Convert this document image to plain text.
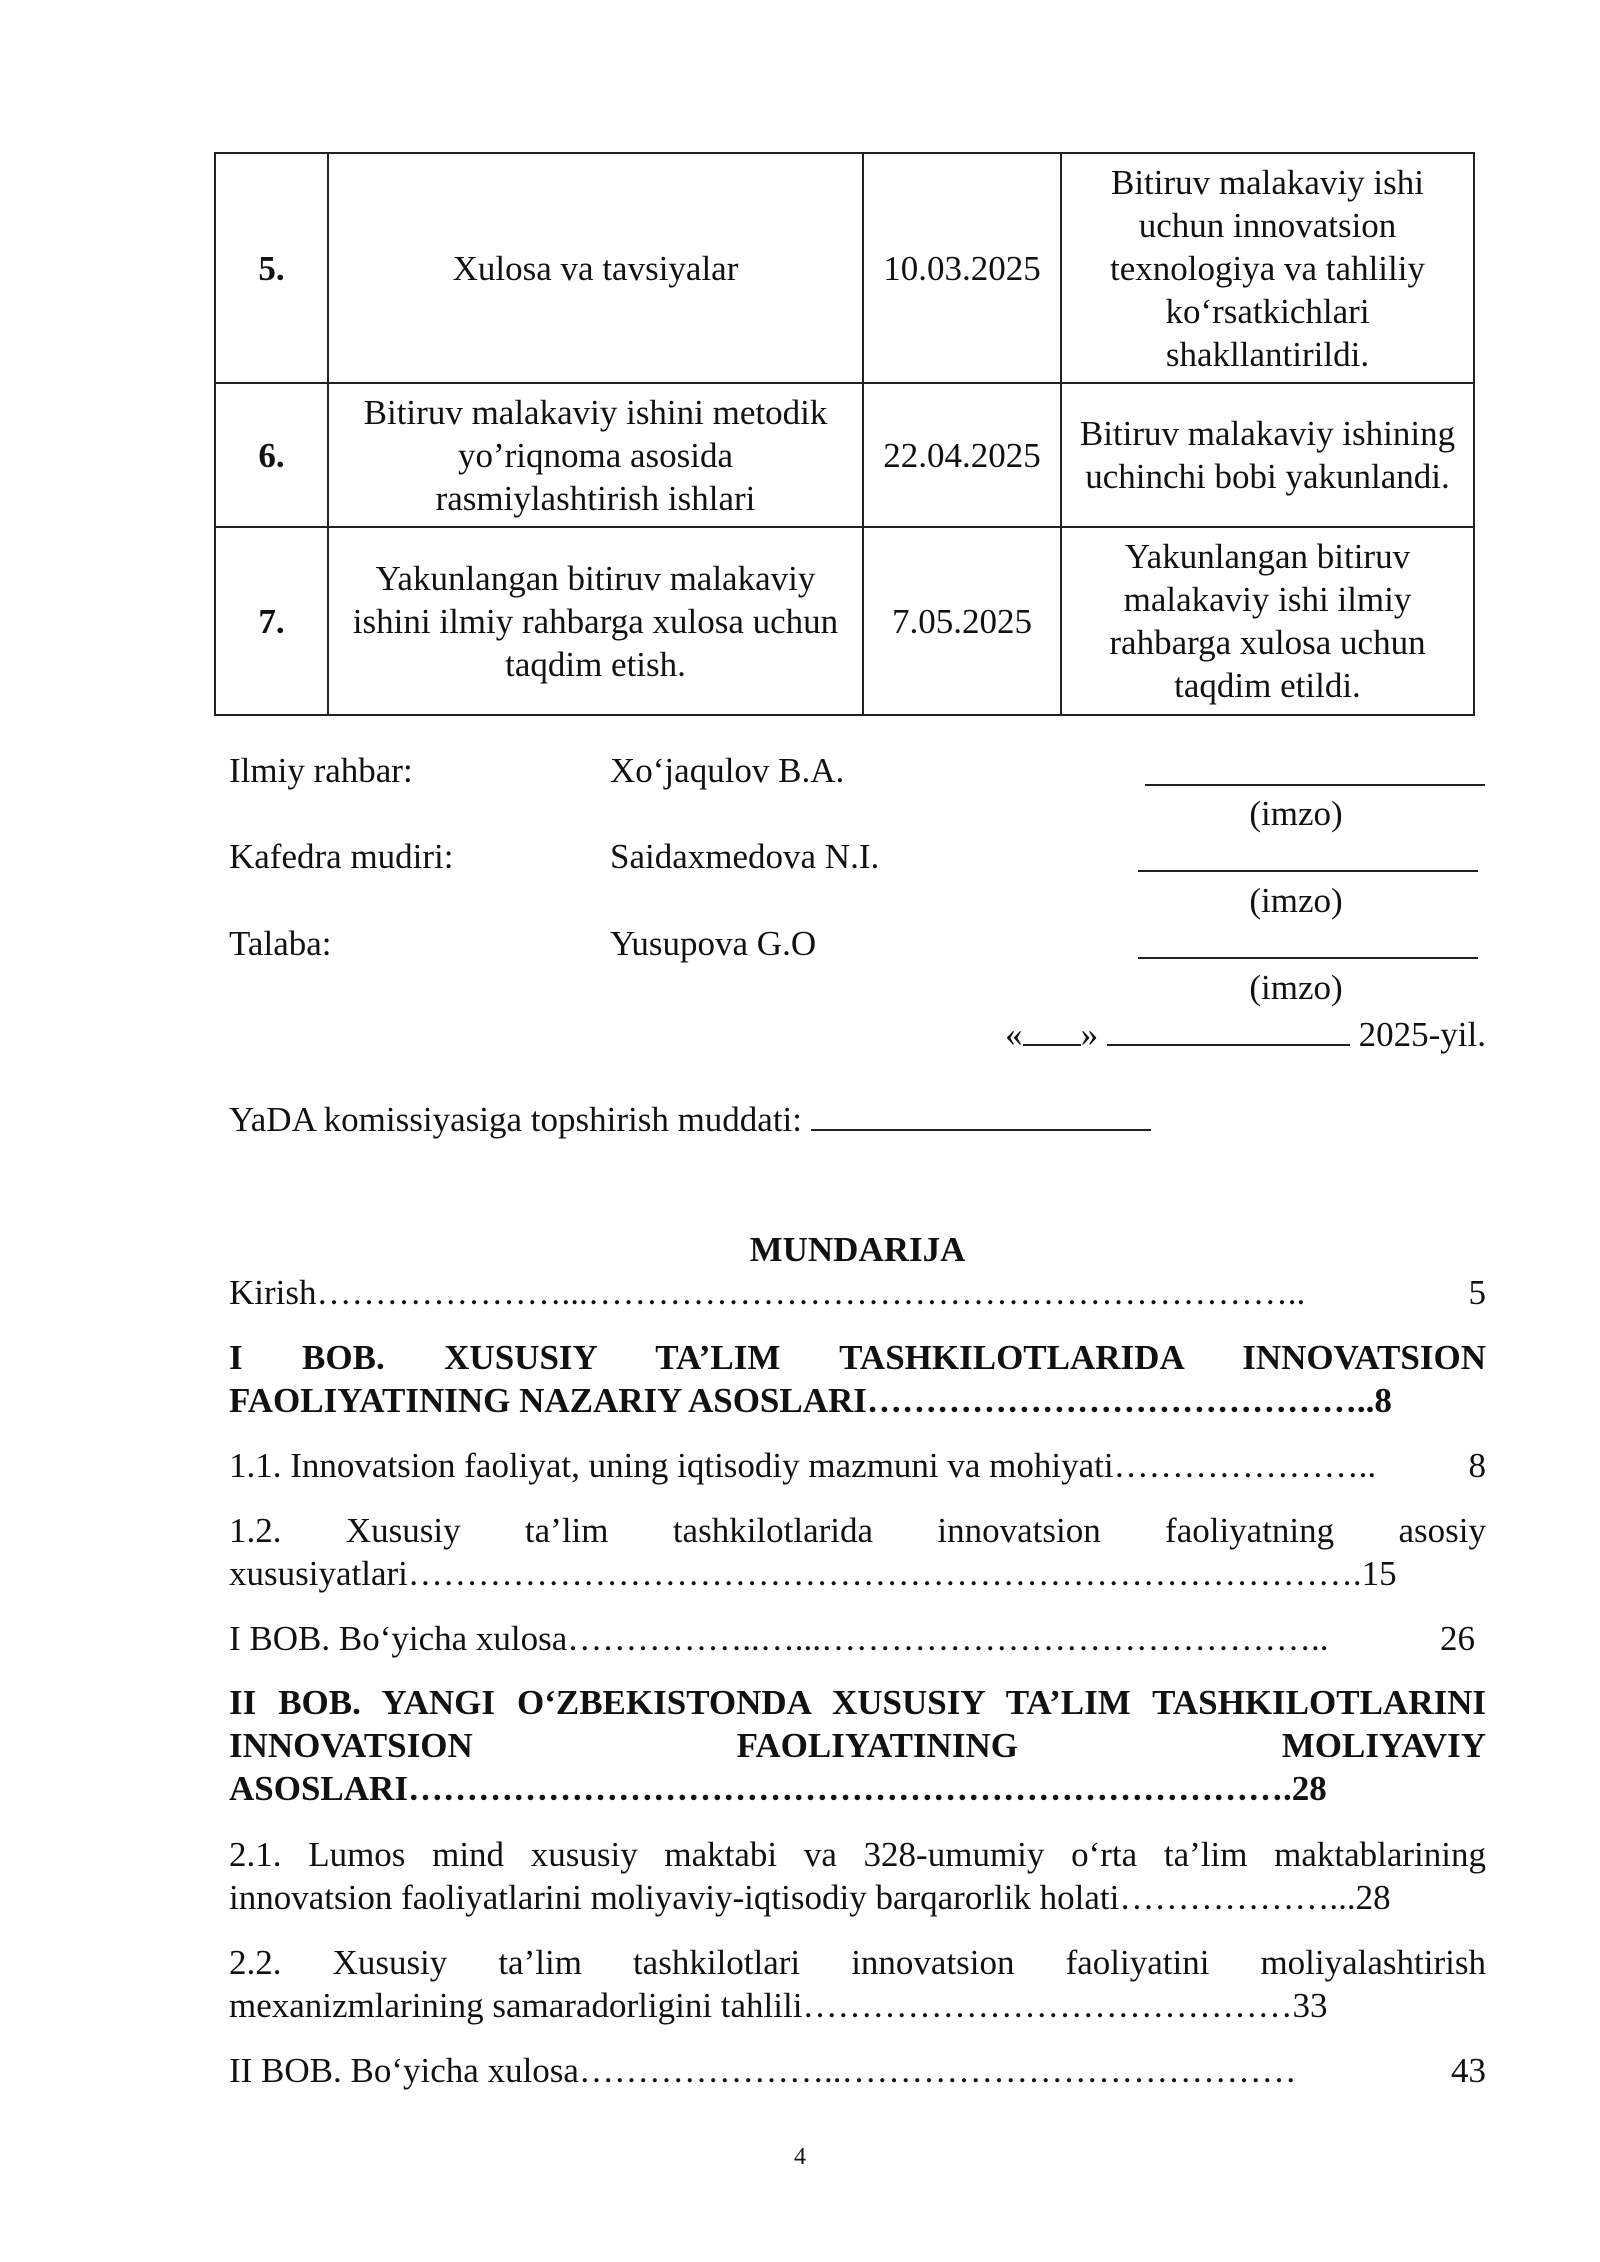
5.	Xulosa va tavsiyalar	10.03.2025	Bitiruv malakaviy ishi uchun innovatsion texnologiya va tahliliy koʻrsatkichlari shakllantirildi.
6.	Bitiruv malakaviy ishini metodik yo’riqnoma asosida rasmiylashtirish ishlari	22.04.2025	Bitiruv malakaviy ishining uchinchi bobi yakunlandi.
7.	Yakunlangan bitiruv malakaviy ishini ilmiy rahbarga xulosa uchun taqdim etish.	7.05.2025	Yakunlangan bitiruv malakaviy ishi ilmiy rahbarga xulosa uchun taqdim etildi.
Ilmiy rahbar:	Xoʻjaqulov B.A.
(imzo)
Kafedra mudiri:	Saidaxmedova N.I.
(imzo)
Talaba:	Yusupova G.O
(imzo)
« »	2025-yil.
YaDA komissiyasiga topshirish muddati:
MUNDARIJA
Kirish …………………...……………………………………………………..	5
I BOB. XUSUSIY TA’LIM TASHKILOTLARIDA INNOVATSION FAOLIYATINING NAZARIY ASOSLARI……………………………………..8
1.1. Innovatsion faoliyat, uning iqtisodiy mazmuni va mohiyati …………………..	8
1.2. Xususiy ta’lim tashkilotlarida innovatsion faoliyatning asosiy xususiyatlari……………………………………………………………………….15
I BOB. Boʻyicha xulosa ……………..…...……………………………………..	26
II BOB. YANGI OʻZBEKISTONDA XUSUSIY TA’LIM TASHKILOTLARINI INNOVATSION FAOLIYATINING MOLIYAVIY ASOSLARI………………………………………………………………….28
2.1. Lumos mind xususiy maktabi va 328-umumiy oʻrta ta’lim maktablarining innovatsion faoliyatlarini moliyaviy-iqtisodiy barqarorlik holati………………...28
2.2. Xususiy ta’lim tashkilotlari innovatsion faoliyatini moliyalashtirish mexanizmlarining samaradorligini tahlili……………………………………33
II BOB. Boʻyicha xulosa …………………..…………………………………	43
4
